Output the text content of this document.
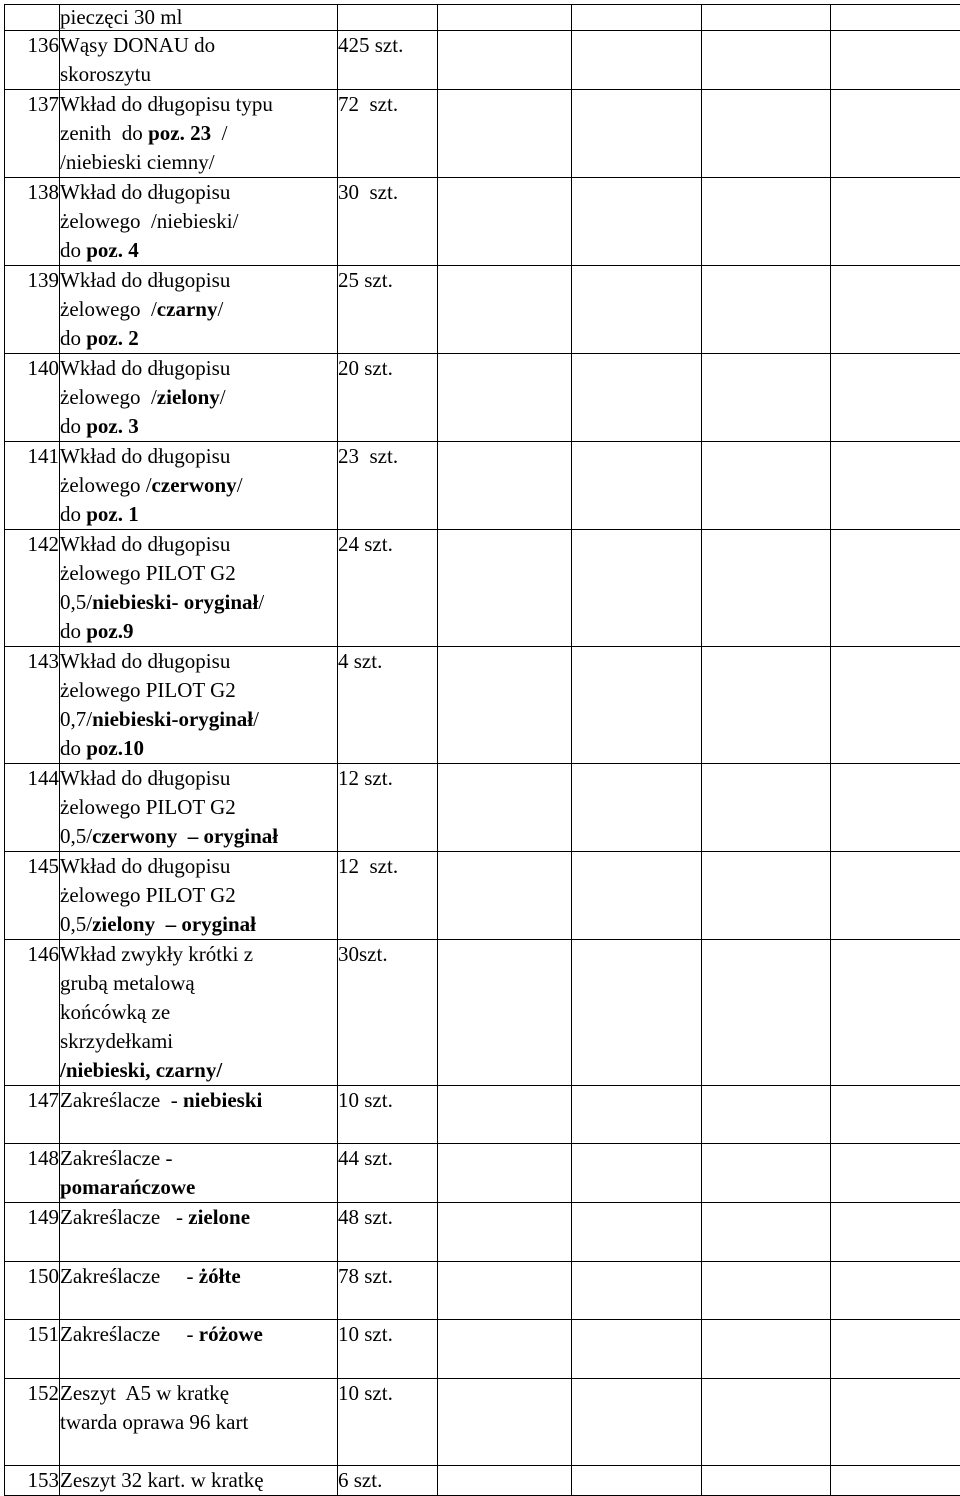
	pieczęci 30 ml					

136	Wąsy DONAU do
skoroszytu	425 szt.				
137	Wkład do długopisu typu
zenith  do poz. 23  /
/niebieski ciemny/	72  szt.				
138	Wkład do długopisu
żelowego  /niebieski/
do poz. 4	30  szt.				
139	Wkład do długopisu
żelowego  /czarny/
do poz. 2	25 szt.				
140	Wkład do długopisu
żelowego  /zielony/
do poz. 3	20 szt.				
141	Wkład do długopisu
żelowego /czerwony/
do poz. 1	23  szt.				
142	Wkład do długopisu
żelowego PILOT G2
0,5/niebieski- oryginał/
do poz.9	24 szt.				
143	Wkład do długopisu
żelowego PILOT G2
0,7/niebieski-oryginał/
do poz.10	4 szt.				
144	Wkład do długopisu
żelowego PILOT G2
0,5/czerwony  – oryginał	12 szt.				
145	Wkład do długopisu
żelowego PILOT G2
0,5/zielony  – oryginał	12  szt.				
146	Wkład zwykły krótki z
grubą metalową
końcówką ze
skrzydełkami
/niebieski, czarny/	30szt.				
147	Zakreślacze  - niebieski	10 szt.				
148	Zakreślacze -
pomarańczowe	44 szt.				
149	Zakreślacze   - zielone	48 szt.				
150	Zakreślacze     - żółte	78 szt.				
151	Zakreślacze     - różowe	10 szt.				
152	Zeszyt  A5 w kratkę
twarda oprawa 96 kart	10 szt.				
153	Zeszyt 32 kart. w kratkę	6 szt.				
